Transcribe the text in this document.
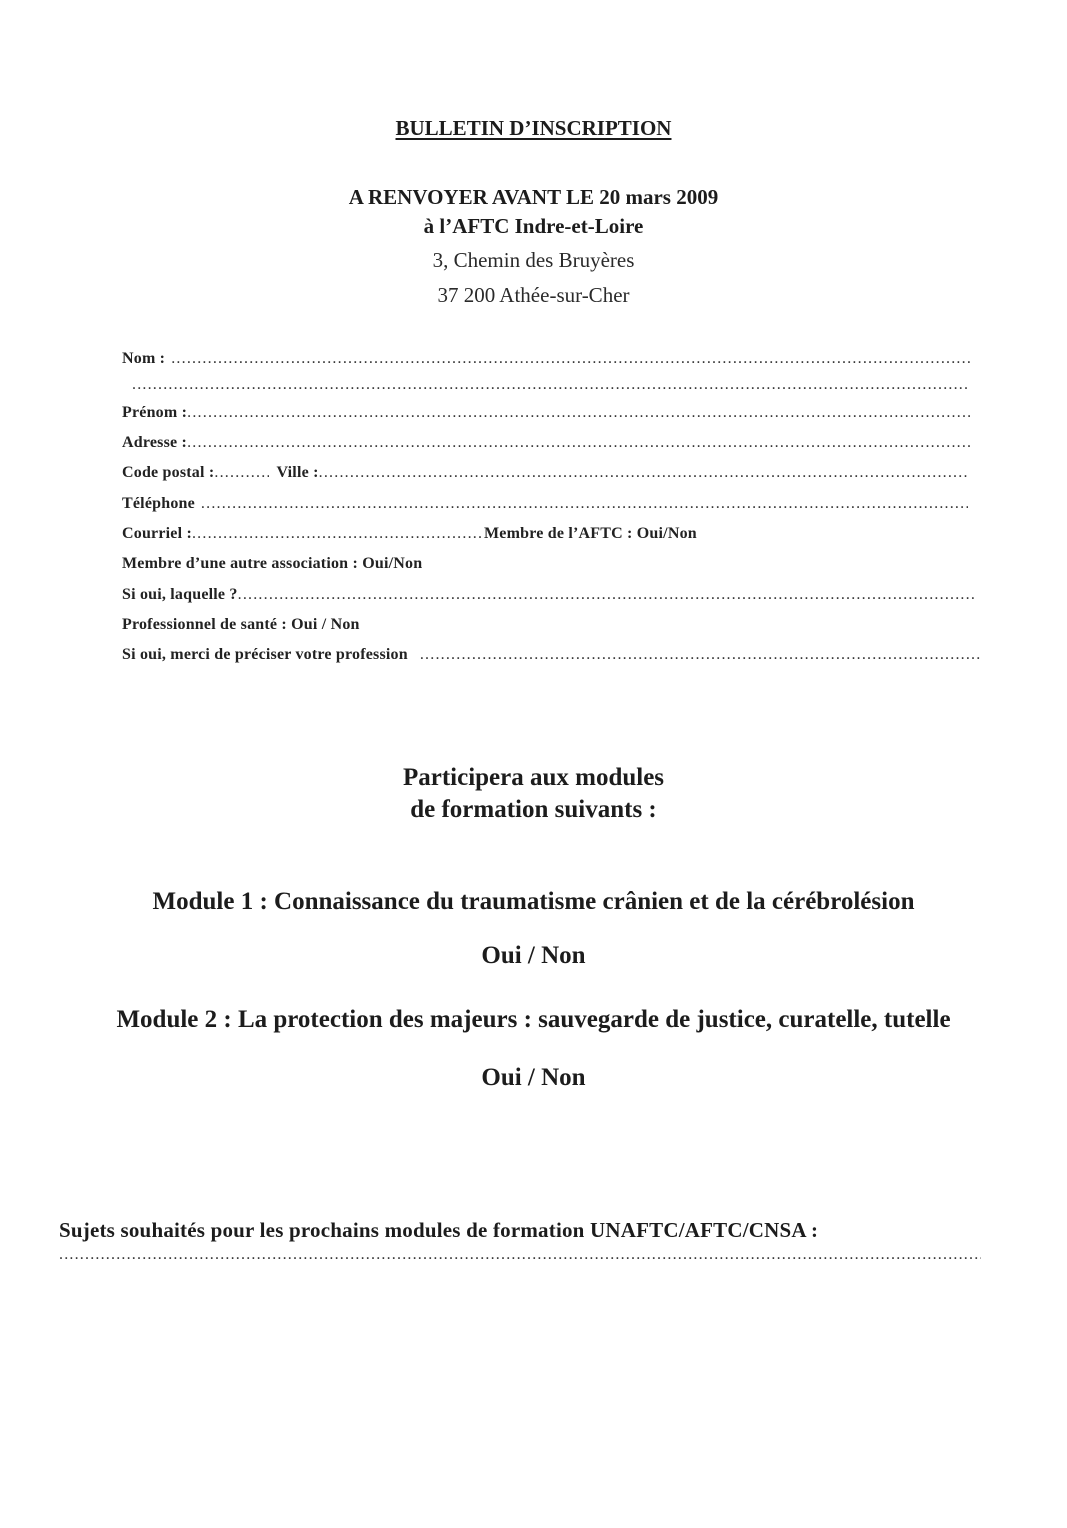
BULLETIN D’INSCRIPTION
A RENVOYER AVANT LE 20 mars 2009
à l’AFTC Indre-et-Loire
3, Chemin des Bruyères
37 200 Athée-sur-Cher
Nom :
.....
.....
Prénom :
.....
Adresse :
.....
Code postal : .....	Ville :
.....
Téléphone
.....
Courriel : .....	Membre de l’AFTC : Oui/Non
Membre d’une autre association : Oui/Non
Si oui, laquelle ?
.....
Professionnel de santé : Oui / Non
Si oui, merci de préciser votre profession
.....
Participera aux modules
de formation suivants :
Module 1 : Connaissance du traumatisme crânien et de la cérébrolésion
Oui / Non
Module 2 : La protection des majeurs : sauvegarde de justice, curatelle, tutelle
Oui / Non
Sujets souhaités pour les prochains modules de formation UNAFTC/AFTC/CNSA :
.....
